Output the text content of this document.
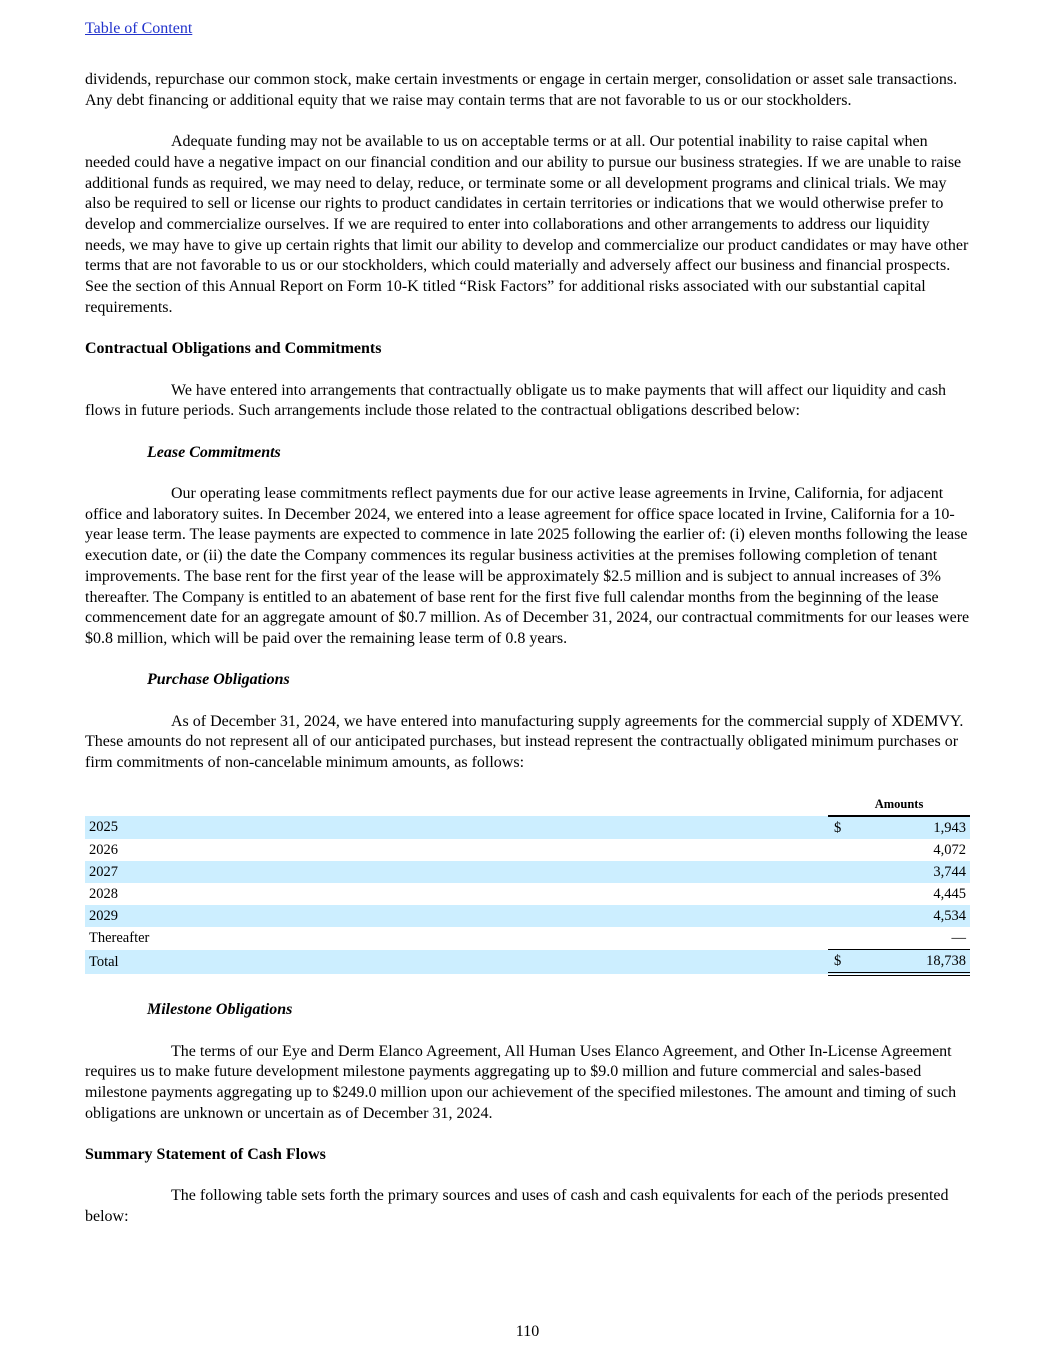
Table of Content

dividends, repurchase our common stock, make certain investments or engage in certain merger, consolidation or asset sale transactions. Any debt financing or additional equity that we raise may contain terms that are not favorable to us or our stockholders.

Adequate funding may not be available to us on acceptable terms or at all. Our potential inability to raise capital when needed could have a negative impact on our financial condition and our ability to pursue our business strategies. If we are unable to raise additional funds as required, we may need to delay, reduce, or terminate some or all development programs and clinical trials. We may also be required to sell or license our rights to product candidates in certain territories or indications that we would otherwise prefer to develop and commercialize ourselves. If we are required to enter into collaborations and other arrangements to address our liquidity needs, we may have to give up certain rights that limit our ability to develop and commercialize our product candidates or may have other terms that are not favorable to us or our stockholders, which could materially and adversely affect our business and financial prospects. See the section of this Annual Report on Form 10-K titled “Risk Factors” for additional risks associated with our substantial capital requirements.

Contractual Obligations and Commitments

We have entered into arrangements that contractually obligate us to make payments that will affect our liquidity and cash flows in future periods. Such arrangements include those related to the contractual obligations described below:

Lease Commitments

Our operating lease commitments reflect payments due for our active lease agreements in Irvine, California, for adjacent office and laboratory suites. In December 2024, we entered into a lease agreement for office space located in Irvine, California for a 10-year lease term. The lease payments are expected to commence in late 2025 following the earlier of: (i) eleven months following the lease execution date, or (ii) the date the Company commences its regular business activities at the premises following completion of tenant improvements. The base rent for the first year of the lease will be approximately $2.5 million and is subject to annual increases of 3% thereafter. The Company is entitled to an abatement of base rent for the first five full calendar months from the beginning of the lease commencement date for an aggregate amount of $0.7 million. As of December 31, 2024, our contractual commitments for our leases were $0.8 million, which will be paid over the remaining lease term of 0.8 years.

Purchase Obligations

As of December 31, 2024, we have entered into manufacturing supply agreements for the commercial supply of XDEMVY. These amounts do not represent all of our anticipated purchases, but instead represent the contractually obligated minimum purchases or firm commitments of non-cancelable minimum amounts, as follows:

	Amounts	
2025	$	1,943
2026		4,072
2027		3,744
2028		4,445
2029		4,534
Thereafter		—
Total	$	18,738
Milestone Obligations

The terms of our Eye and Derm Elanco Agreement, All Human Uses Elanco Agreement, and Other In-License Agreement requires us to make future development milestone payments aggregating up to $9.0 million and future commercial and sales-based milestone payments aggregating up to $249.0 million upon our achievement of the specified milestones. The amount and timing of such obligations are unknown or uncertain as of December 31, 2024.

Summary Statement of Cash Flows

The following table sets forth the primary sources and uses of cash and cash equivalents for each of the periods presented below:

110
